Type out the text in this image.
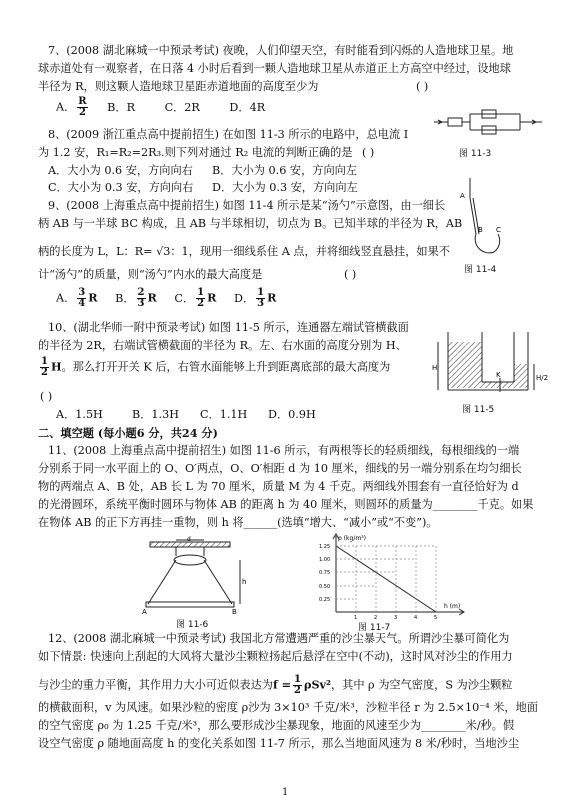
7、(2008 湖北麻城一中预录考试) 夜晚，人们仰望天空，有时能看到闪烁的人造地球卫星。地
球赤道处有一观察者，在日落 4 小时后看到一颗人造地球卫星从赤道正上方高空中经过，设地球
半径为 R，则这颗人造地球卫星距赤道地面的高度至少为	( )
A． $\frac{R}{2}$ B．R	C．2R	D．4R
图 11-3
8、(2009 浙江重点高中提前招生) 在如图 11-3 所示的电路中，总电流 I
为 1.2 安，R₁=R₂=2R₃.则下列对通过 R₂ 电流的判断正确的是 ( )
A．大小为 0.6 安，方向向右 B．大小为 0.6 安，方向向左
C．大小为 0.3 安，方向向右 D．大小为 0.3 安，方向向左
9、(2008 上海重点高中提前招生) 如图 11-4 所示是某“汤勺”示意图，由一细长
柄 AB 与一半球 BC 构成，且 AB 与半球相切，切点为 B。已知半球的半径为 R，AB
柄的长度为 L，L：R= √3：1，现用一细线系住 A 点，并将细线竖直悬挂，如果不
计“汤勺”的质量，则“汤勺”内水的最大高度是	( )
A． $\frac{3}{4}$ R B． $\frac{2}{3}$ R C． $\frac{1}{2}$ R D． $\frac{1}{3}$ R
A
B C
图 11-4
10、(湖北华师一附中预录考试) 如图 11-5 所示，连通器左端试管横截面
的半径为 2R，右端试管横截面的半径为 R。左、右水面的高度分别为 H、
$\frac{1}{2}$ H。那么打开开关 K 后，右管水面能够上升到距离底部的最大高度为
( )
A．1.5H	B．1.3H C．1.1H D．0.9H
H
H/2
K
图 11-5
二、填空题 (每小题6 分，共24 分)
11、(2008 上海重点高中提前招生) 如图 11-6 所示，有两根等长的轻质细线，每根细线的一端
分别系于同一水平面上的 O、O′两点，O、O′相距 d 为 10 厘米，细线的另一端分别系在均匀细长
物的两端点 A、B 处，AB 长 L 为 70 厘米，质量 M 为 4 千克。两细线外围套有一直径恰好为 d
的光滑圆环，系统平衡时圆环与物体 AB 的距离 h 为 40 厘米，则圆环的质量为________千克。如果
在物体 AB 的正下方再挂一重物，则 h 将______(选填“增大、“减小”或“不变”)。
d
h
A	B
图 11-6
ρ (kg/m³)
h (m)
1.25
1.00
0.75
0.50
0.25
1	2	3	4	5
图 11-7
12、(2008 湖北麻城一中预录考试) 我国北方常遭遇严重的沙尘暴天气。所谓沙尘暴可简化为
如下情景: 快速向上刮起的大风将大量沙尘颗粒扬起后悬浮在空中(不动)，这时风对沙尘的作用力
与沙尘的重力平衡，其作用力大小可近似表达为$f = \frac{1}{2} \rho Sv^2$，其中 ρ 为空气密度，S 为沙尘颗粒
的横截面积，v 为风速。如果沙粒的密度 ρ沙为 3×10³ 千克/米³，沙粒半径 r 为 2.5×10⁻⁴ 米，地面
的空气密度 ρ₀ 为 1.25 千克/米³，那么要形成沙尘暴现象，地面的风速至少为________米/秒。假
设空气密度 ρ 随地面高度 h 的变化关系如图 11-7 所示，那么当地面风速为 8 米/秒时，当地沙尘
1
